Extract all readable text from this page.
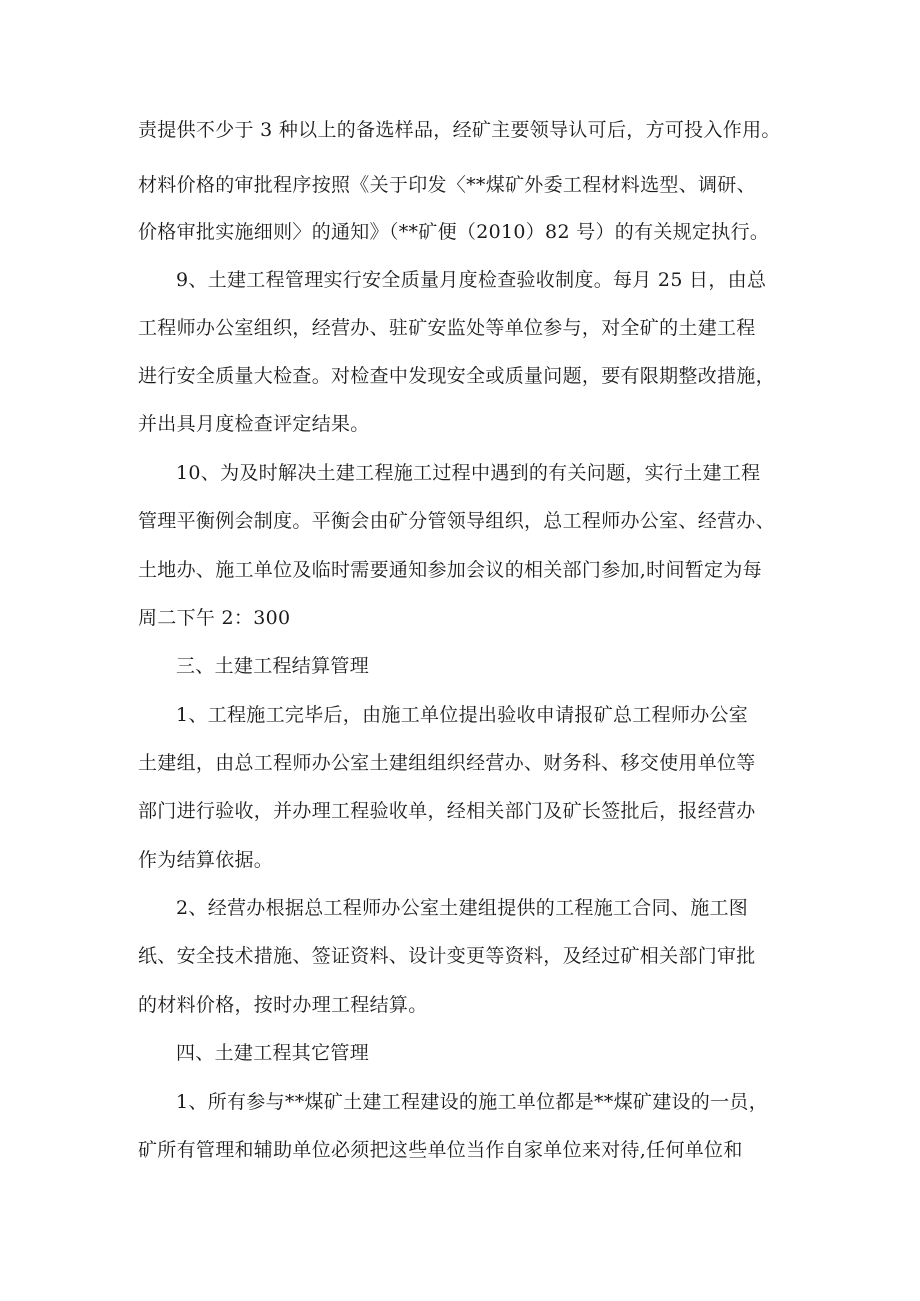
责提供不少于 3 种以上的备选样品，经矿主要领导认可后，方可投入作用。
材料价格的审批程序按照《关于印发〈**煤矿外委工程材料选型、调研、
价格审批实施细则〉的通知》（**矿便（2010）82 号）的有关规定执行。
9、土建工程管理实行安全质量月度检查验收制度。每月 25 日，由总
工程师办公室组织，经营办、驻矿安监处等单位参与，对全矿的土建工程
进行安全质量大检查。对检查中发现安全或质量问题，要有限期整改措施，
并出具月度检查评定结果。
10、为及时解决土建工程施工过程中遇到的有关问题，实行土建工程
管理平衡例会制度。平衡会由矿分管领导组织，总工程师办公室、经营办、
土地办、施工单位及临时需要通知参加会议的相关部门参加,时间暂定为每
周二下午 2：300
三、土建工程结算管理
1、工程施工完毕后，由施工单位提出验收申请报矿总工程师办公室
土建组，由总工程师办公室土建组组织经营办、财务科、移交使用单位等
部门进行验收，并办理工程验收单，经相关部门及矿长签批后，报经营办
作为结算依据。
2、经营办根据总工程师办公室土建组提供的工程施工合同、施工图
纸、安全技术措施、签证资料、设计变更等资料，及经过矿相关部门审批
的材料价格，按时办理工程结算。
四、土建工程其它管理
1、所有参与**煤矿土建工程建设的施工单位都是**煤矿建设的一员，
矿所有管理和辅助单位必须把这些单位当作自家单位来对待,任何单位和
